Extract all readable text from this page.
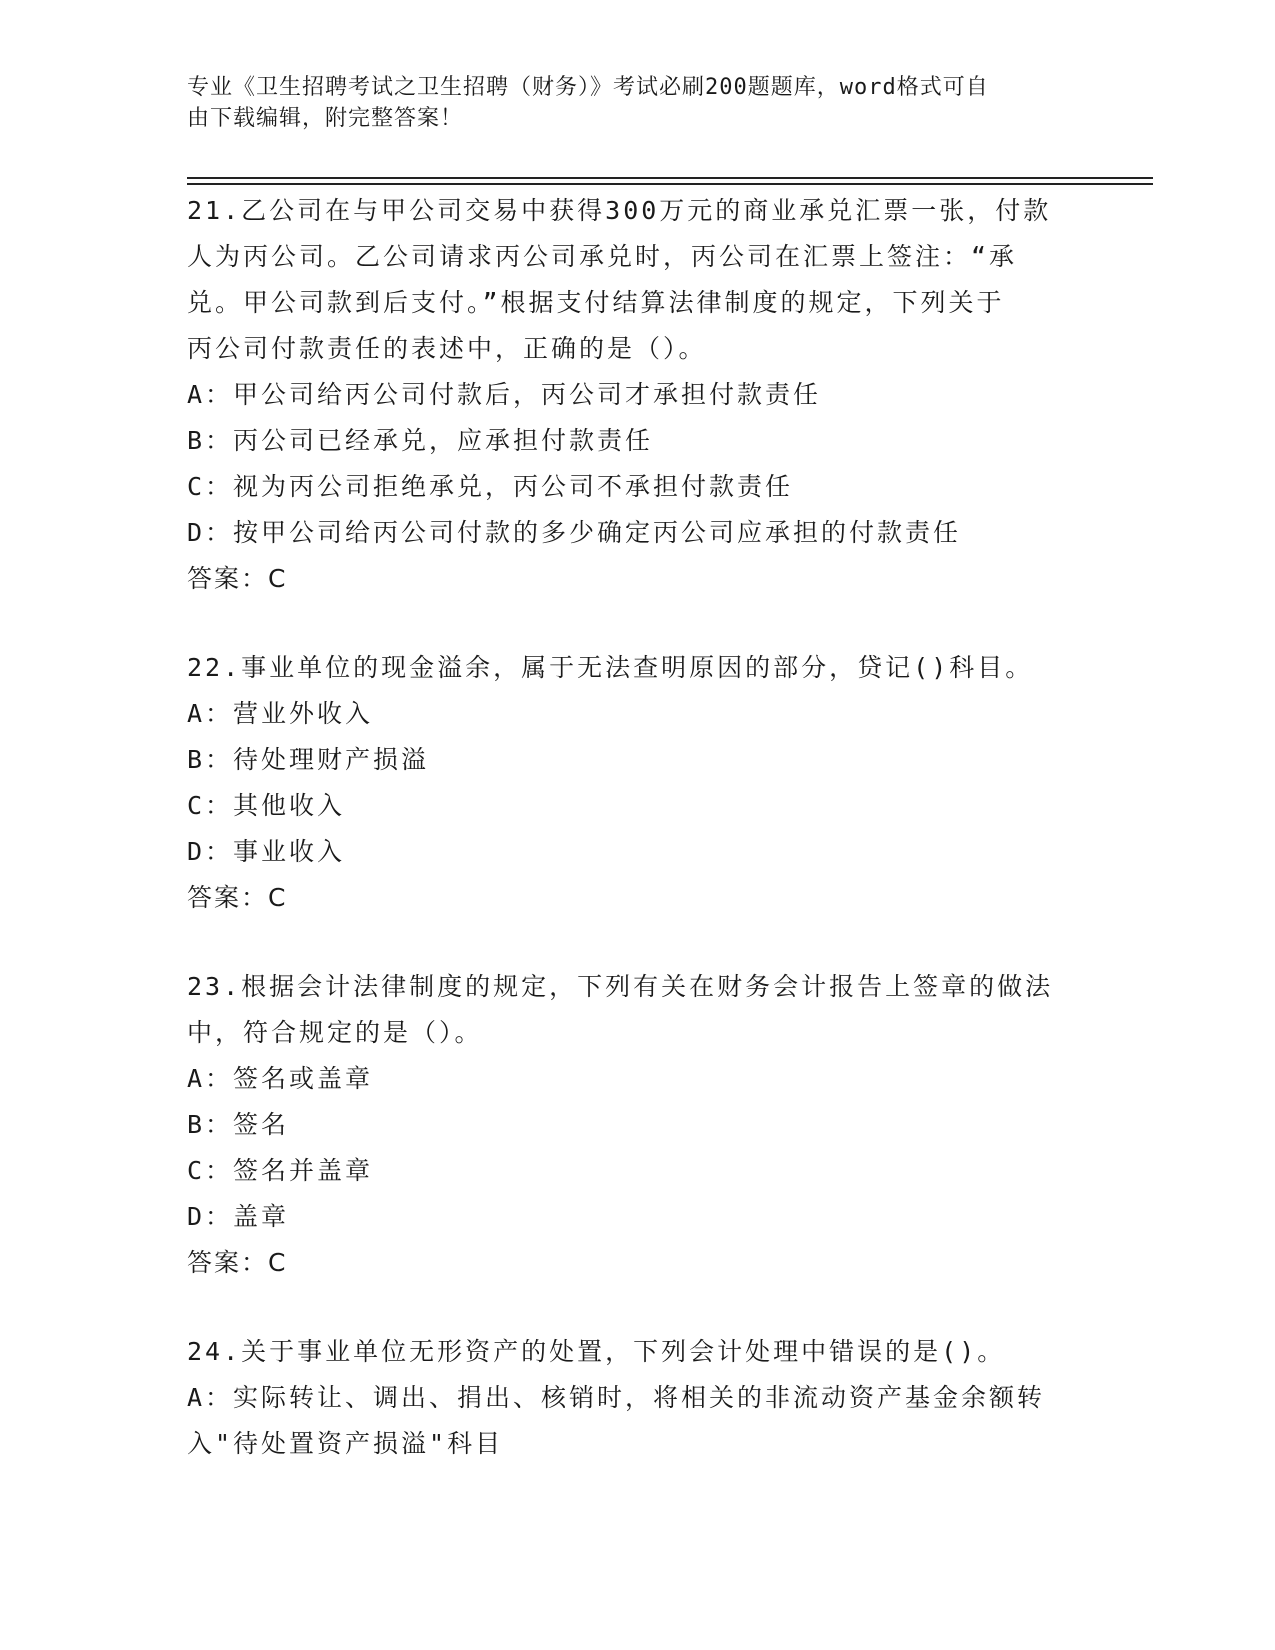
专业《卫生招聘考试之卫生招聘（财务）》考试必刷200题题库，word格式可自
由下载编辑，附完整答案！
21.乙公司在与甲公司交易中获得300万元的商业承兑汇票一张，付款
人为丙公司。乙公司请求丙公司承兑时，丙公司在汇票上签注：“承
兑。甲公司款到后支付。”根据支付结算法律制度的规定，下列关于
丙公司付款责任的表述中，正确的是（）。
A：甲公司给丙公司付款后，丙公司才承担付款责任
B：丙公司已经承兑，应承担付款责任
C：视为丙公司拒绝承兑，丙公司不承担付款责任
D：按甲公司给丙公司付款的多少确定丙公司应承担的付款责任
答案：C
22.事业单位的现金溢余，属于无法查明原因的部分，贷记()科目。
A：营业外收入
B：待处理财产损溢
C：其他收入
D：事业收入
答案：C
23.根据会计法律制度的规定，下列有关在财务会计报告上签章的做法
中，符合规定的是（）。
A：签名或盖章
B：签名
C：签名并盖章
D：盖章
答案：C
24.关于事业单位无形资产的处置，下列会计处理中错误的是()。
A：实际转让、调出、捐出、核销时，将相关的非流动资产基金余额转
入"待处置资产损溢"科目
